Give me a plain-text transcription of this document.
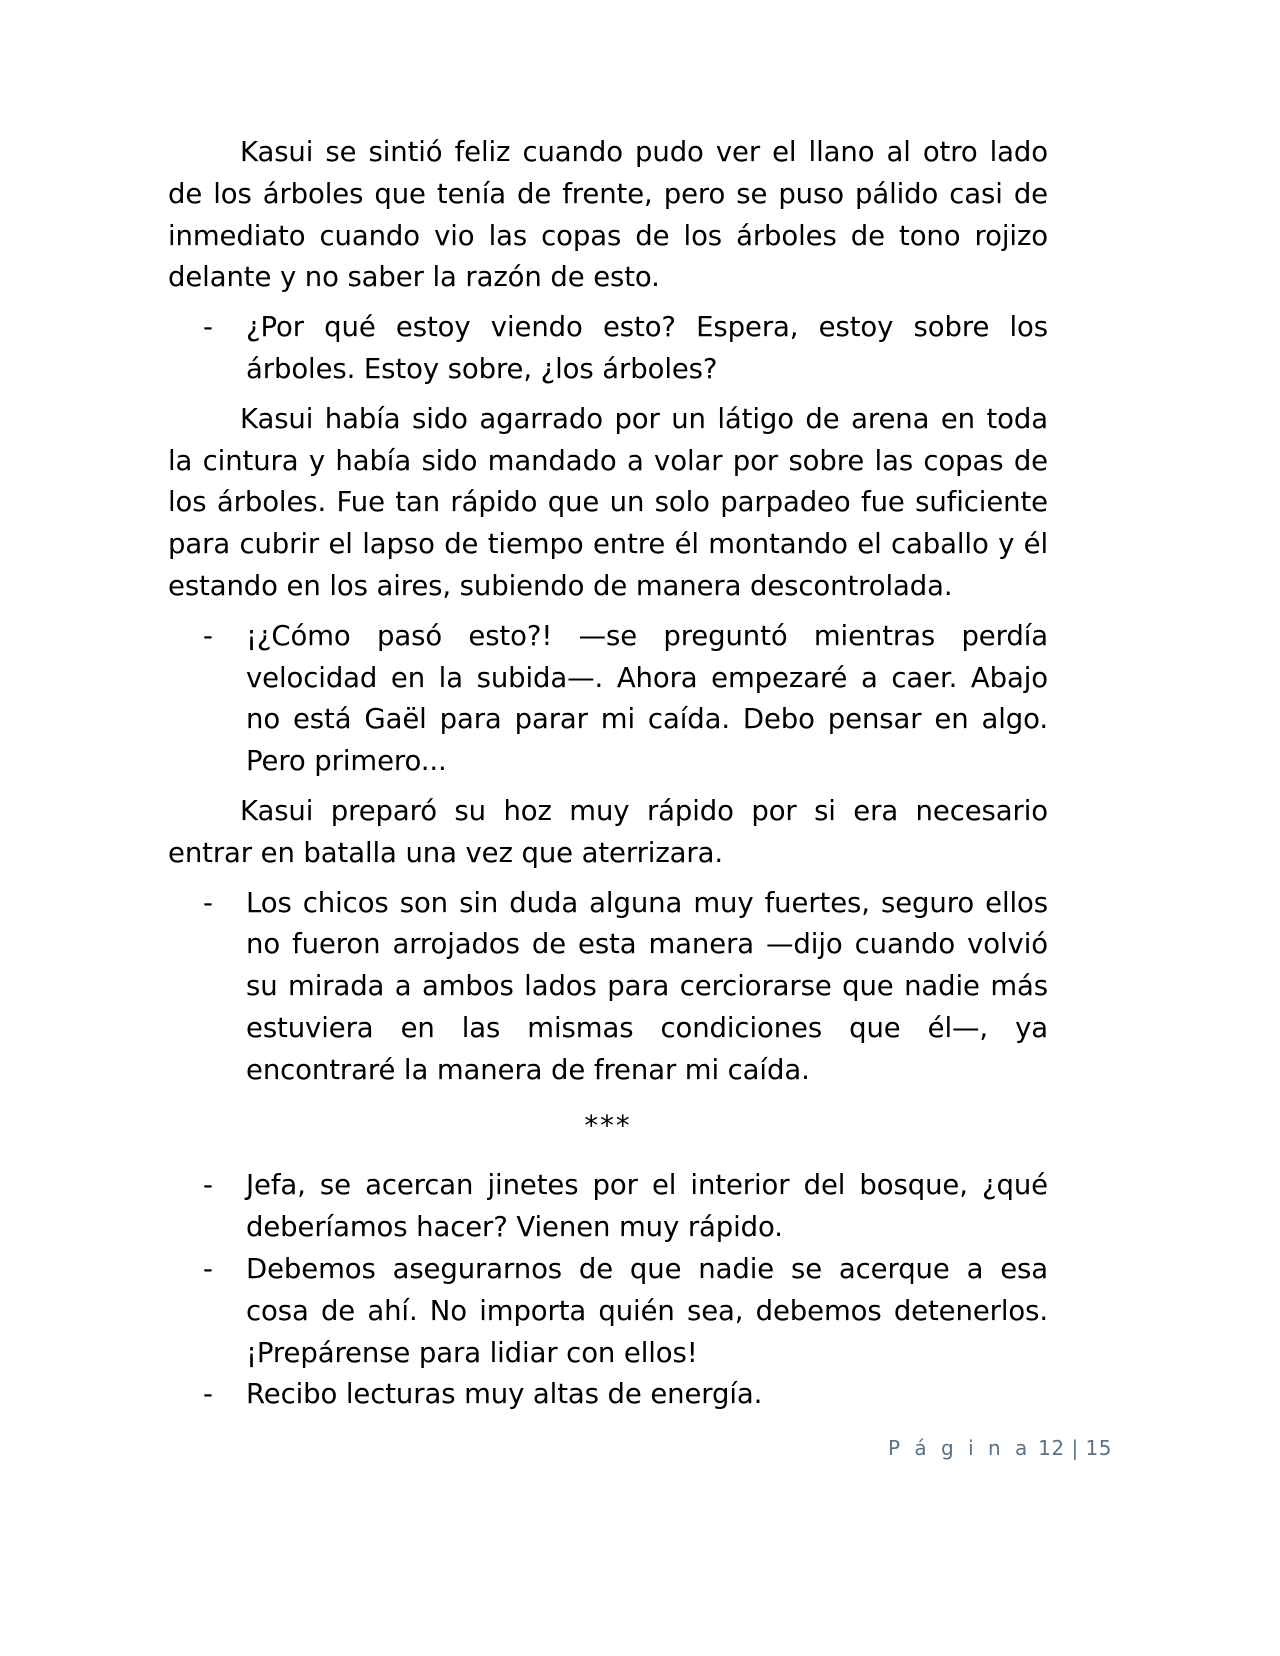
Kasui se sintió feliz cuando pudo ver el llano al otro lado de los árboles que tenía de frente, pero se puso pálido casi de inmediato cuando vio las copas de los árboles de tono rojizo delante y no saber la razón de esto.

- ¿Por qué estoy viendo esto? Espera, estoy sobre los árboles. Estoy sobre, ¿los árboles?

Kasui había sido agarrado por un látigo de arena en toda la cintura y había sido mandado a volar por sobre las copas de los árboles. Fue tan rápido que un solo parpadeo fue suficiente para cubrir el lapso de tiempo entre él montando el caballo y él estando en los aires, subiendo de manera descontrolada.

- ¡¿Cómo pasó esto?! —se preguntó mientras perdía velocidad en la subida—. Ahora empezaré a caer. Abajo no está Gaël para parar mi caída. Debo pensar en algo. Pero primero...

Kasui preparó su hoz muy rápido por si era necesario entrar en batalla una vez que aterrizara.

- Los chicos son sin duda alguna muy fuertes, seguro ellos no fueron arrojados de esta manera —dijo cuando volvió su mirada a ambos lados para cerciorarse que nadie más estuviera en las mismas condiciones que él—, ya encontraré la manera de frenar mi caída.
***
- Jefa, se acercan jinetes por el interior del bosque, ¿qué deberíamos hacer? Vienen muy rápido.
- Debemos asegurarnos de que nadie se acerque a esa cosa de ahí. No importa quién sea, debemos detenerlos. ¡Prepárense para lidiar con ellos!
- Recibo lecturas muy altas de energía.
P á g i n a 12 | 15
